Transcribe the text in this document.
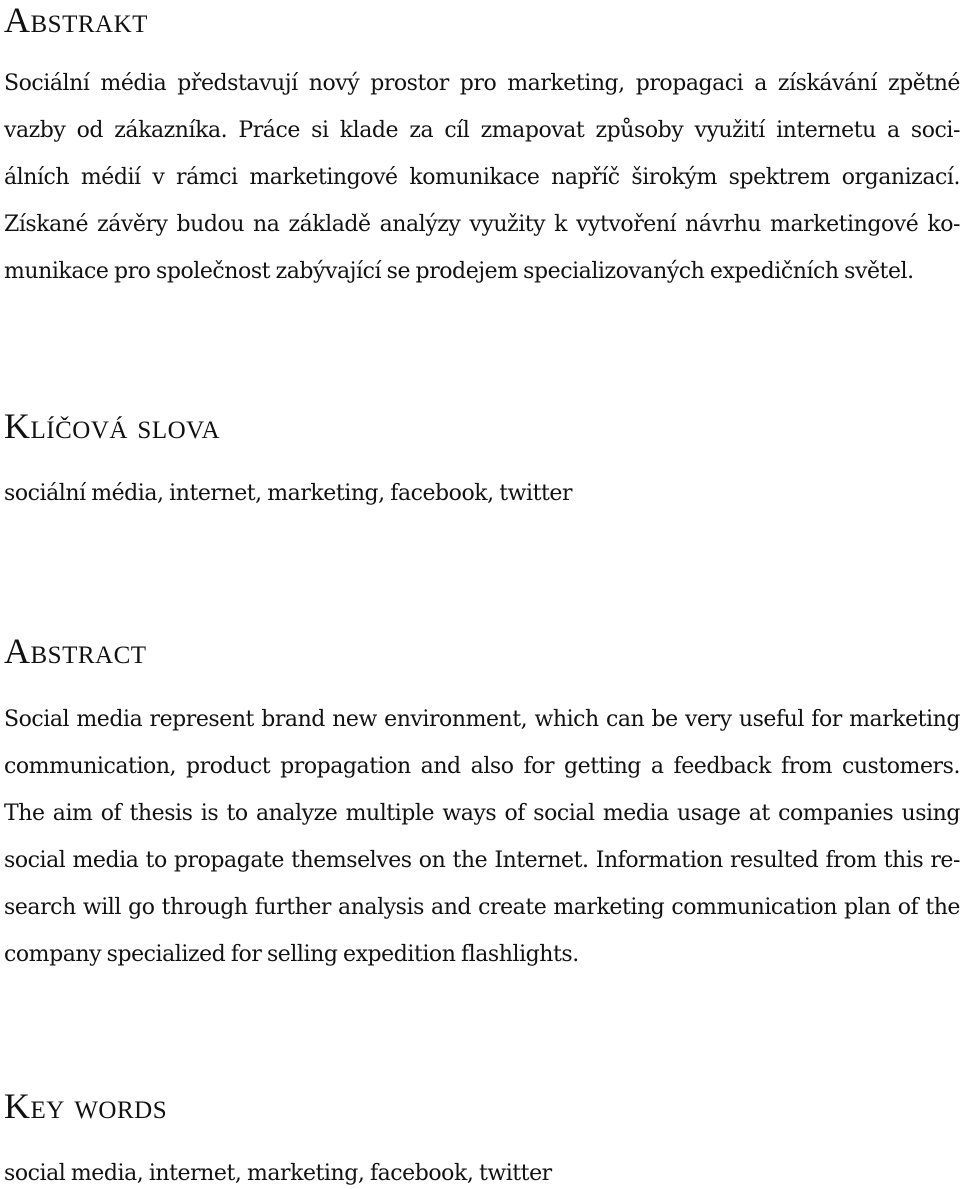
Abstrakt
Sociální média představují nový prostor pro marketing, propagaci a získávání zpětné
vazby od zákazníka. Práce si klade za cíl zmapovat způsoby využití internetu a soci-
álních médií v rámci marketingové komunikace napříč širokým spektrem organizací.
Získané závěry budou na základě analýzy využity k vytvoření návrhu marketingové ko-
munikace pro společnost zabývající se prodejem specializovaných expedičních světel.
Klíčová slova

sociální média, internet, marketing, facebook, twitter

Abstract
Social media represent brand new environment, which can be very useful for marketing
communication, product propagation and also for getting a feedback from customers.
The aim of thesis is to analyze multiple ways of social media usage at companies using
social media to propagate themselves on the Internet. Information resulted from this re-
search will go through further analysis and create marketing communication plan of the
company specialized for selling expedition flashlights.
Key words

social media, internet, marketing, facebook, twitter
